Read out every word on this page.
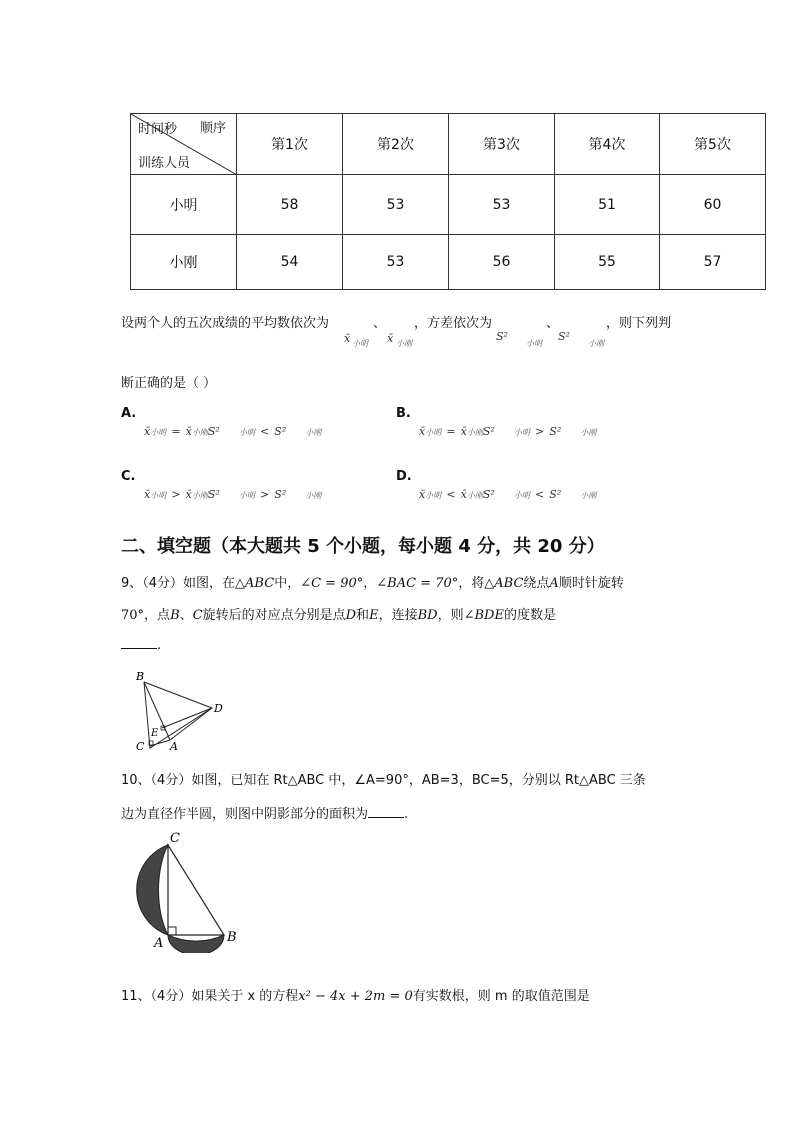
时间秒 顺序
训练人员	第1次	第2次	第3次	第4次	第5次
小明	58	53	53	51	60
小刚	54	53	56	55	57
设两个人的五次成绩的平均数依次为	、 ，方差依次为	、	，则下列判
x̄ 小明 x̄ 小刚
S²
小明
S²
小刚
断正确的是（ ）
A.
x̄小明 = x̄小刚S² 小明 < S² 小刚
B.
x̄小明 = x̄小刚S² 小明 > S² 小刚
C.
x̄小明 > x̄小刚S² 小明 > S² 小刚
D.
x̄小明 < x̄小刚S² 小明 < S² 小刚
二、填空题（本大题共 5 个小题，每小题 4 分，共 20 分）
9、（4分）如图，在△ABC中，∠C = 90°，∠BAC = 70°，将△ABC绕点A顺时针旋转
70°，点B、C旋转后的对应点分别是点D和E，连接BD，则∠BDE的度数是
.
B
D
E
C A
10、（4分）如图，已知在 Rt△ABC 中，∠A=90°，AB=3，BC=5，分别以 Rt△ABC 三条
边为直径作半圆，则图中阴影部分的面积为	.
C
A	B
11、（4分）如果关于 x 的方程x² − 4x + 2m = 0有实数根，则 m 的取值范围是
